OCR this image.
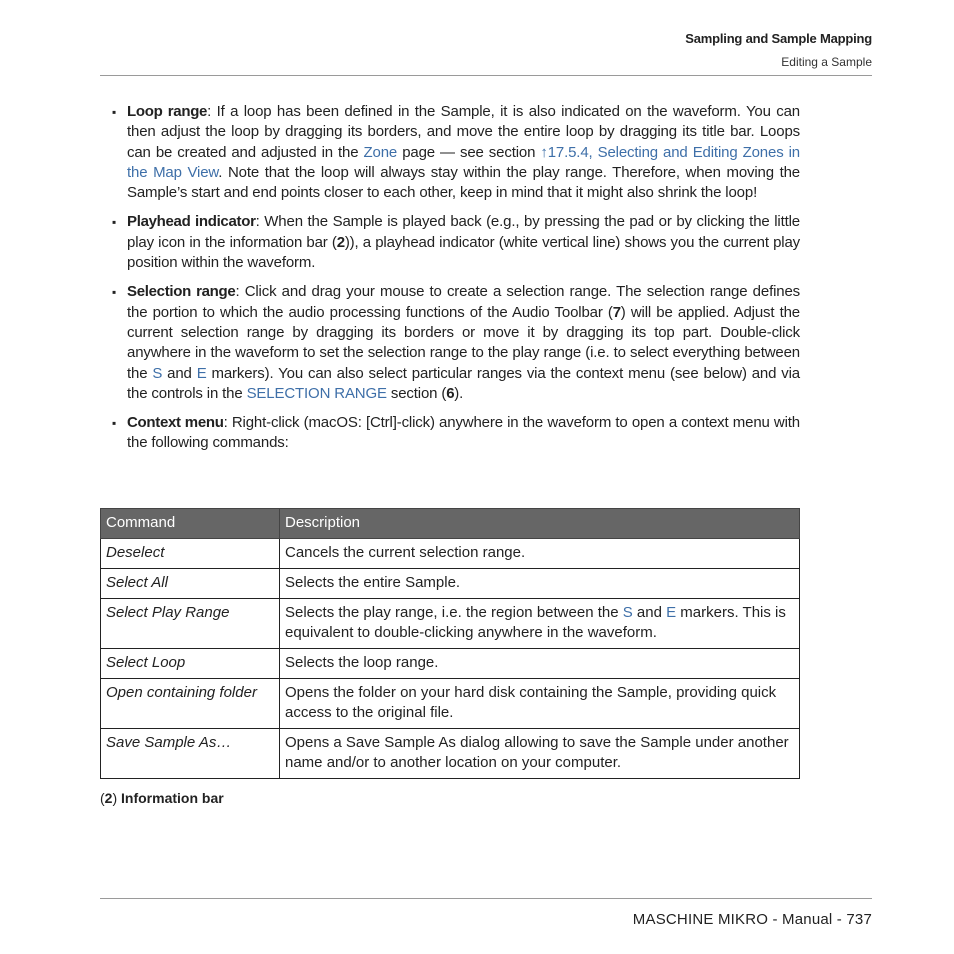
Sampling and Sample Mapping
Editing a Sample
▪ Loop range: If a loop has been defined in the Sample, it is also indicated on the waveform. You can then adjust the loop by dragging its borders, and move the entire loop by dragging its title bar. Loops can be created and adjusted in the Zone page — see section ↑17.5.4, Selecting and Editing Zones in the Map View. Note that the loop will always stay within the play range. Therefore, when moving the Sample’s start and end points closer to each other, keep in mind that it might also shrink the loop!
▪ Playhead indicator: When the Sample is played back (e.g., by pressing the pad or by clicking the little play icon in the information bar (2)), a playhead indicator (white vertical line) shows you the current play position within the waveform.
▪ Selection range: Click and drag your mouse to create a selection range. The selection range defines the portion to which the audio processing functions of the Audio Toolbar (7) will be applied. Adjust the current selection range by dragging its borders or move it by dragging its top part. Double-click anywhere in the waveform to set the selection range to the play range (i.e. to select everything between the S and E markers). You can also select particular ranges via the context menu (see below) and via the controls in the SELECTION RANGE section (6).
▪ Context menu: Right-click (macOS: [Ctrl]-click) anywhere in the waveform to open a context menu with the following commands:
Command	Description
Deselect	Cancels the current selection range.
Select All	Selects the entire Sample.
Select Play Range	Selects the play range, i.e. the region between the S and E markers. This is equivalent to double-clicking anywhere in the waveform.
Select Loop	Selects the loop range.
Open containing folder	Opens the folder on your hard disk containing the Sample, providing quick access to the original file.
Save Sample As…	Opens a Save Sample As dialog allowing to save the Sample under another name and/or to another location on your computer.
(2) Information bar
MASCHINE MIKRO - Manual - 737
